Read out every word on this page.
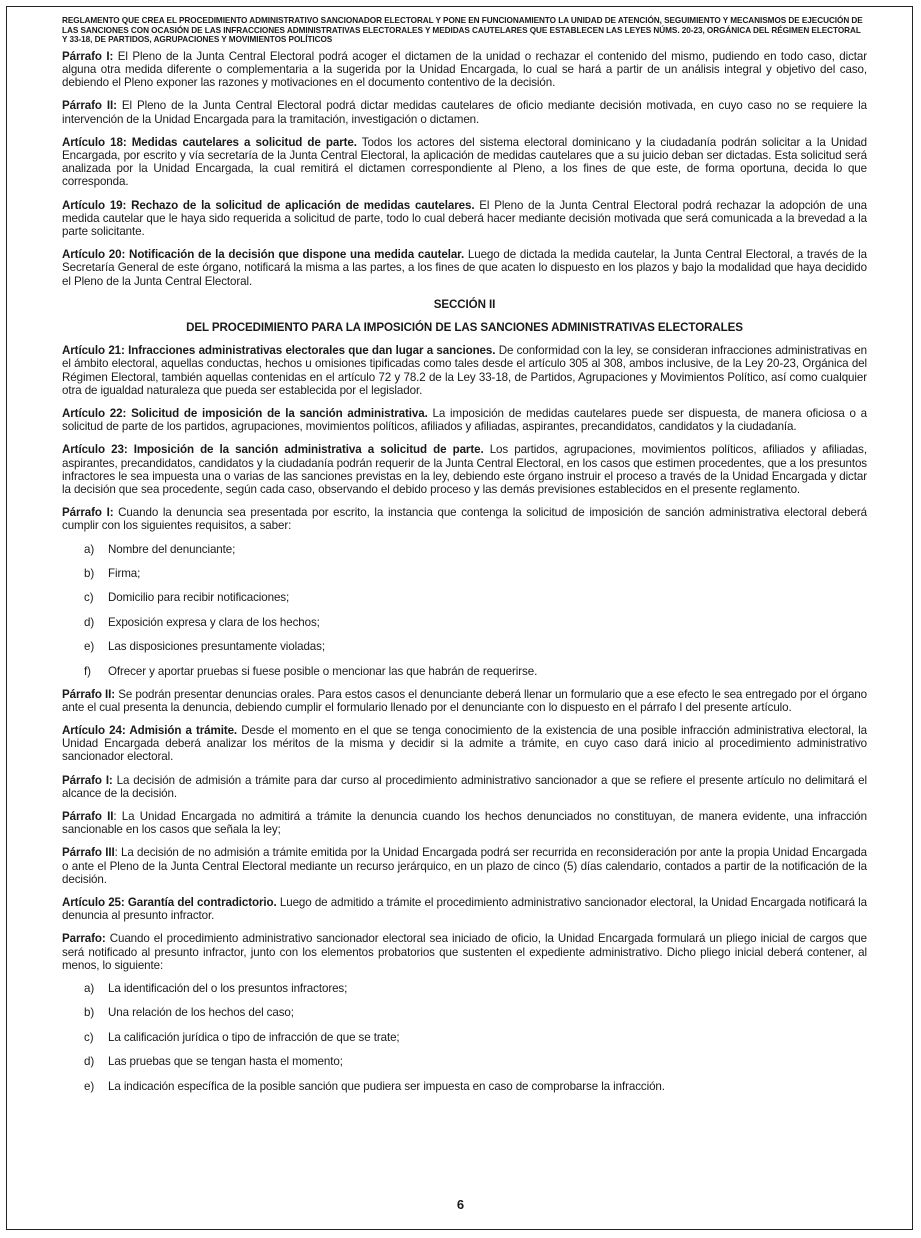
REGLAMENTO QUE CREA EL PROCEDIMIENTO ADMINISTRATIVO SANCIONADOR ELECTORAL Y PONE EN FUNCIONAMIENTO LA UNIDAD DE ATENCIÓN, SEGUIMIENTO Y MECANISMOS DE EJECUCIÓN DE LAS SANCIONES CON OCASIÓN DE LAS INFRACCIONES ADMINISTRATIVAS ELECTORALES Y MEDIDAS CAUTELARES QUE ESTABLECEN LAS LEYES NÚMS. 20-23, ORGÁNICA DEL RÉGIMEN ELECTORAL Y 33-18, DE PARTIDOS, AGRUPACIONES Y MOVIMIENTOS POLÍTICOS

Párrafo I: El Pleno de la Junta Central Electoral podrá acoger el dictamen de la unidad o rechazar el contenido del mismo, pudiendo en todo caso, dictar alguna otra medida diferente o complementaria a la sugerida por la Unidad Encargada, lo cual se hará a partir de un análisis integral y objetivo del caso, debiendo el Pleno exponer las razones y motivaciones en el documento contentivo de la decisión.

Párrafo II: El Pleno de la Junta Central Electoral podrá dictar medidas cautelares de oficio mediante decisión motivada, en cuyo caso no se requiere la intervención de la Unidad Encargada para la tramitación, investigación o dictamen.

Artículo 18: Medidas cautelares a solicitud de parte. Todos los actores del sistema electoral dominicano y la ciudadanía podrán solicitar a la Unidad Encargada, por escrito y vía secretaría de la Junta Central Electoral, la aplicación de medidas cautelares que a su juicio deban ser dictadas. Esta solicitud será analizada por la Unidad Encargada, la cual remitirá el dictamen correspondiente al Pleno, a los fines de que este, de forma oportuna, decida lo que corresponda.

Artículo 19: Rechazo de la solicitud de aplicación de medidas cautelares. El Pleno de la Junta Central Electoral podrá rechazar la adopción de una medida cautelar que le haya sido requerida a solicitud de parte, todo lo cual deberá hacer mediante decisión motivada que será comunicada a la brevedad a la parte solicitante.

Artículo 20: Notificación de la decisión que dispone una medida cautelar. Luego de dictada la medida cautelar, la Junta Central Electoral, a través de la Secretaría General de este órgano, notificará la misma a las partes, a los fines de que acaten lo dispuesto en los plazos y bajo la modalidad que haya decidido el Pleno de la Junta Central Electoral.

SECCIÓN II
DEL PROCEDIMIENTO PARA LA IMPOSICIÓN DE LAS SANCIONES ADMINISTRATIVAS ELECTORALES

Artículo 21: Infracciones administrativas electorales que dan lugar a sanciones. De conformidad con la ley, se consideran infracciones administrativas en el ámbito electoral, aquellas conductas, hechos u omisiones tipificadas como tales desde el artículo 305 al 308, ambos inclusive, de la Ley 20-23, Orgánica del Régimen Electoral, también aquellas contenidas en el artículo 72 y 78.2 de la Ley 33-18, de Partidos, Agrupaciones y Movimientos Político, así como cualquier otra de igualdad naturaleza que pueda ser establecida por el legislador.

Artículo 22: Solicitud de imposición de la sanción administrativa. La imposición de medidas cautelares puede ser dispuesta, de manera oficiosa o a solicitud de parte de los partidos, agrupaciones, movimientos políticos, afiliados y afiliadas, aspirantes, precandidatos, candidatos y la ciudadanía.

Artículo 23: Imposición de la sanción administrativa a solicitud de parte. Los partidos, agrupaciones, movimientos políticos, afiliados y afiliadas, aspirantes, precandidatos, candidatos y la ciudadanía podrán requerir de la Junta Central Electoral, en los casos que estimen procedentes, que a los presuntos infractores le sea impuesta una o varias de las sanciones previstas en la ley, debiendo este órgano instruir el proceso a través de la Unidad Encargada y dictar la decisión que sea procedente, según cada caso, observando el debido proceso y las demás previsiones establecidos en el presente reglamento.

Párrafo I: Cuando la denuncia sea presentada por escrito, la instancia que contenga la solicitud de imposición de sanción administrativa electoral deberá cumplir con los siguientes requisitos, a saber:

a)	Nombre del denunciante;
b)	Firma;
c)	Domicilio para recibir notificaciones;
d)	Exposición expresa y clara de los hechos;
e)	Las disposiciones presuntamente violadas;
f)	Ofrecer y aportar pruebas si fuese posible o mencionar las que habrán de requerirse.

Párrafo II: Se podrán presentar denuncias orales. Para estos casos el denunciante deberá llenar un formulario que a ese efecto le sea entregado por el órgano ante el cual presenta la denuncia, debiendo cumplir el formulario llenado por el denunciante con lo dispuesto en el párrafo I del presente artículo.

Artículo 24: Admisión a trámite. Desde el momento en el que se tenga conocimiento de la existencia de una posible infracción administrativa electoral, la Unidad Encargada deberá analizar los méritos de la misma y decidir si la admite a trámite, en cuyo caso dará inicio al procedimiento administrativo sancionador electoral.

Párrafo I: La decisión de admisión a trámite para dar curso al procedimiento administrativo sancionador a que se refiere el presente artículo no delimitará el alcance de la decisión.

Párrafo II: La Unidad Encargada no admitirá a trámite la denuncia cuando los hechos denunciados no constituyan, de manera evidente, una infracción sancionable en los casos que señala la ley;

Párrafo III: La decisión de no admisión a trámite emitida por la Unidad Encargada podrá ser recurrida en reconsideración por ante la propia Unidad Encargada o ante el Pleno de la Junta Central Electoral mediante un recurso jerárquico, en un plazo de cinco (5) días calendario, contados a partir de la notificación de la decisión.

Artículo 25: Garantía del contradictorio. Luego de admitido a trámite el procedimiento administrativo sancionador electoral, la Unidad Encargada notificará la denuncia al presunto infractor.

Parrafo: Cuando el procedimiento administrativo sancionador electoral sea iniciado de oficio, la Unidad Encargada formulará un pliego inicial de cargos que será notificado al presunto infractor, junto con los elementos probatorios que sustenten el expediente administrativo. Dicho pliego inicial deberá contener, al menos, lo siguiente:

a)	La identificación del o los presuntos infractores;
b)	Una relación de los hechos del caso;
c)	La calificación jurídica o tipo de infracción de que se trate;
d)	Las pruebas que se tengan hasta el momento;
e)	La indicación específica de la posible sanción que pudiera ser impuesta en caso de comprobarse la infracción.
6
